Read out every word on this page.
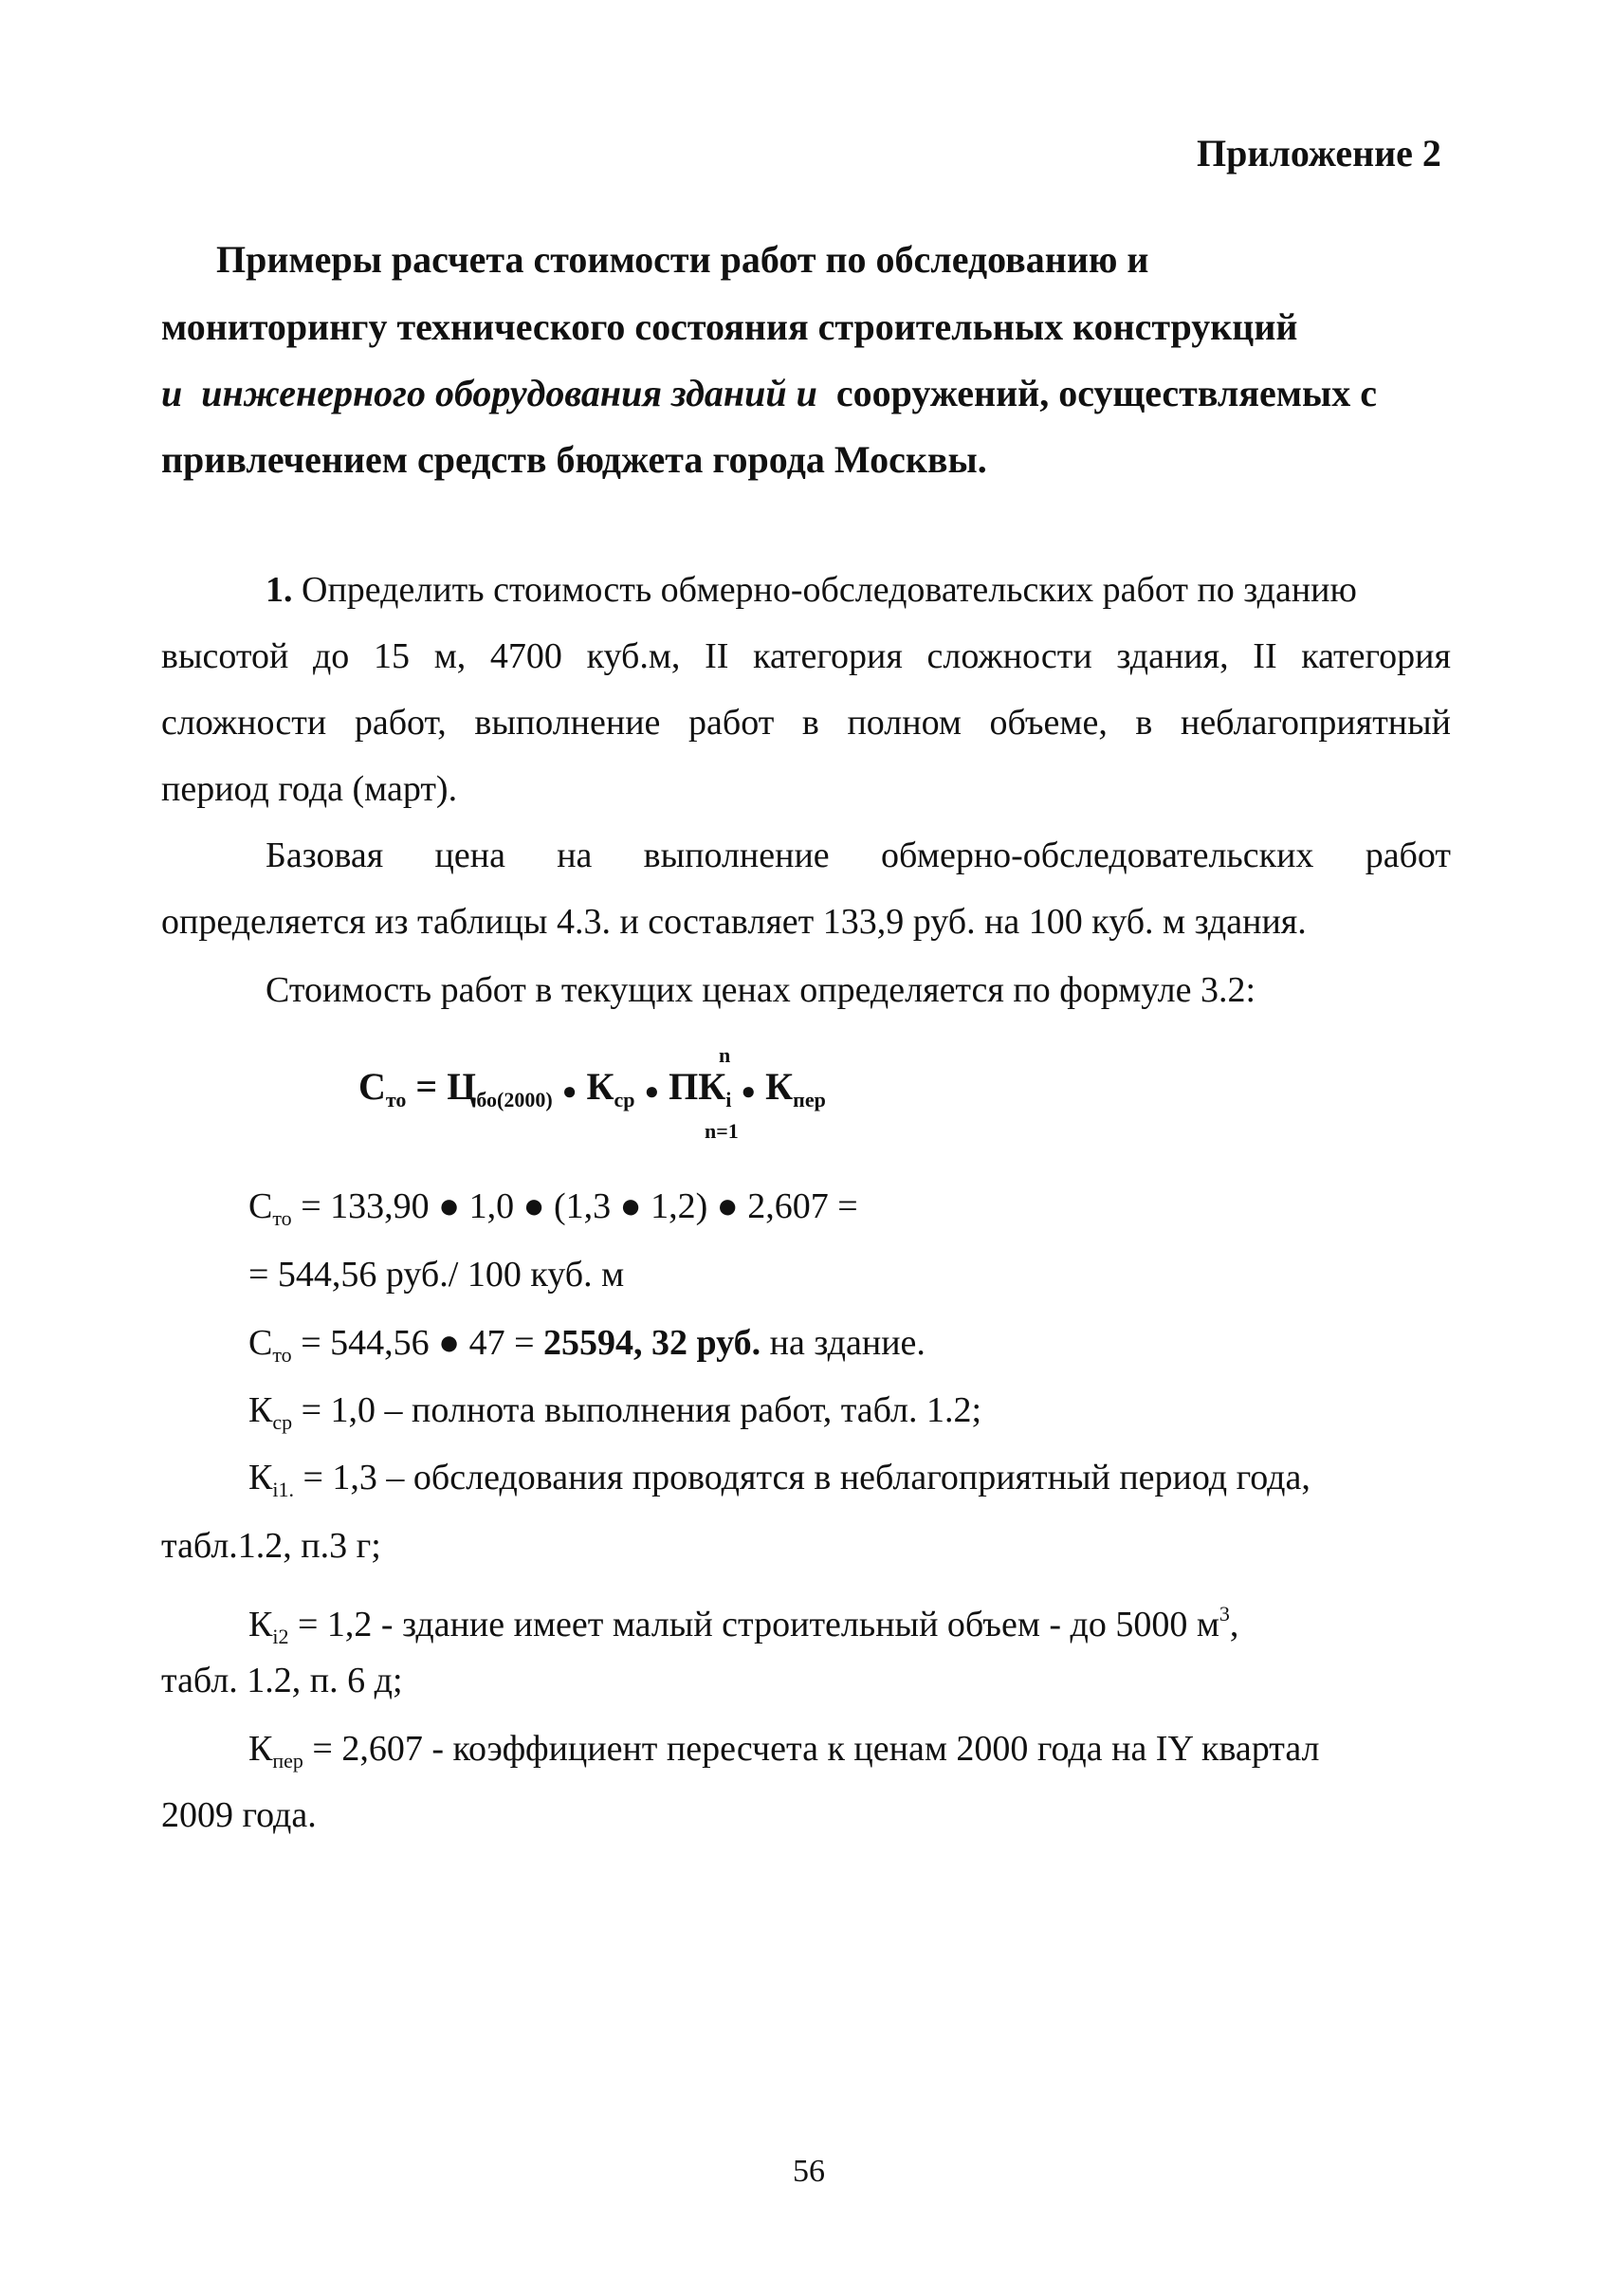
Приложение 2
Примеры расчета стоимости работ по обследованию и
мониторингу технического состояния строительных конструкций
и инженерного оборудования зданий и сооружений, осуществляемых с
привлечением средств бюджета города Москвы.
1. Определить стоимость обмерно-обследовательских работ по зданию
высотой до 15 м, 4700 куб.м, II категория сложности здания, II категория
сложности работ, выполнение работ в полном объеме, в неблагоприятный
период года (март).
Базовая цена на выполнение обмерно-обследовательских работ
определяется из таблицы 4.3. и составляет 133,9 руб. на 100 куб. м здания.
Стоимость работ в текущих ценах определяется по формуле 3.2:
n
$С_{то} = Ц_{бо(2000)}$ ● $К_{ср}$ ● $ПК_i$ ● $К_{пер}$
n=1
$С_{то} = 133,90$ ● 1,0 ● (1,3 ● 1,2) ● 2,607 =
= 544,56 руб./ 100 куб. м
$С_{то} = 544,56$ ● 47 = 25594, 32 руб. на здание.
$К_{ср} = 1,0$ – полнота выполнения работ, табл. 1.2;
$К_{i1.} = 1,3$ – обследования проводятся в неблагоприятный период года,
табл.1.2, п.3 г;
$К_{i2} = 1,2$ - здание имеет малый строительный объем - до 5000 $м^3$,
табл. 1.2, п. 6 д;
$К_{пер} = 2,607$ - коэффициент пересчета к ценам 2000 года на IY квартал
2009 года.
56
